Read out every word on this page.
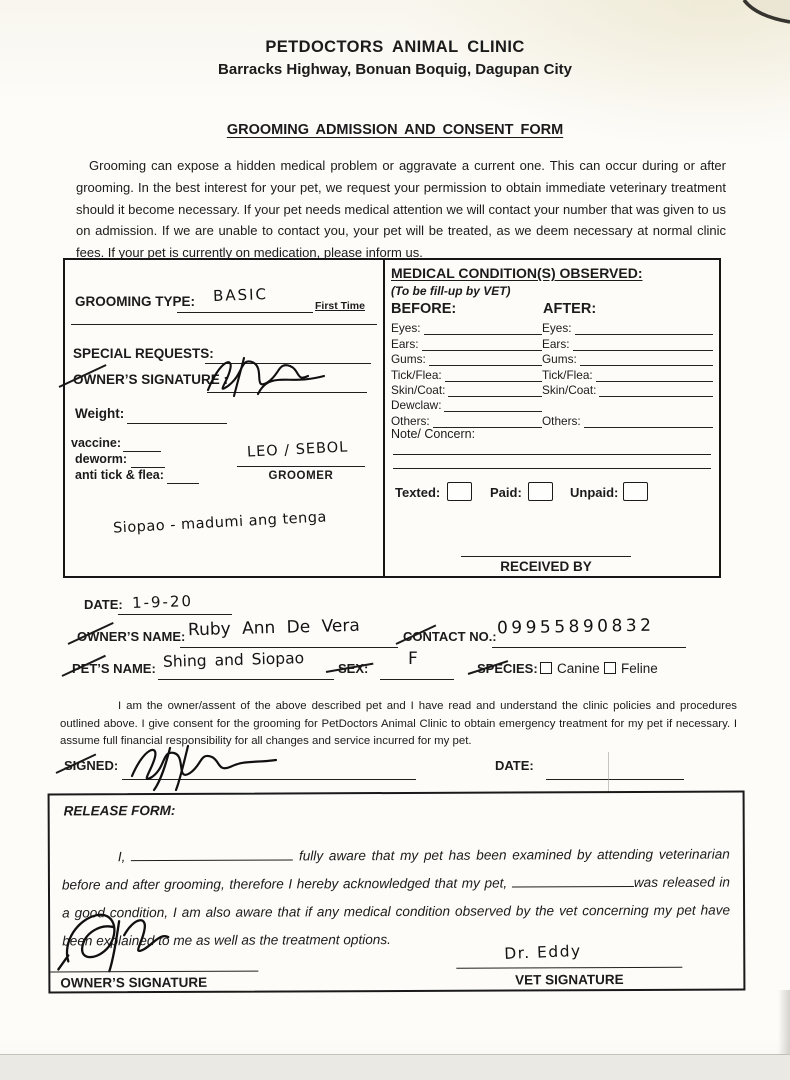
PETDOCTORS ANIMAL CLINIC
Barracks Highway, Bonuan Boquig, Dagupan City
GROOMING ADMISSION AND CONSENT FORM
Grooming can expose a hidden medical problem or aggravate a current one. This can occur during or after grooming. In the best interest for your pet, we request your permission to obtain immediate veterinary treatment should it become necessary. If your pet needs medical attention we will contact your number that was given to us on admission. If we are unable to contact you, your pet will be treated, as we deem necessary at normal clinic fees. If your pet is currently on medication, please inform us.
GROOMING TYPE: BASIC
First Time
SPECIAL REQUESTS:
OWNER’S SIGNATURE :
Weight:
vaccine:
deworm:
anti tick & flea:
LEO / SEBOL
GROOMER
Siopao - madumi ang tenga
MEDICAL CONDITION(S) OBSERVED:
(To be fill-up by VET)
BEFORE:	AFTER:
Eyes:	Eyes:
Ears:	Ears:
Gums:	Gums:
Tick/Flea:	Tick/Flea:
Skin/Coat:	Skin/Coat:
Dewclaw:
Others:	Others:
Note/ Concern:
Texted:	Paid:	Unpaid:
RECEIVED BY
DATE: 1-9-20
OWNER’S NAME: Ruby Ann De Vera	CONTACT NO.: 09955890832
PET’S NAME: Shing and Siopao	SEX: F	SPECIES:	Canine	Feline
I am the owner/assent of the above described pet and I have read and understand the clinic policies and procedures outlined above. I give consent for the grooming for PetDoctors Animal Clinic to obtain emergency treatment for my pet if necessary. I assume full financial responsibility for all changes and service incurred for my pet.
SIGNED:	DATE:
RELEASE FORM:

I,	fully aware that my pet has been examined by attending veterinarian before and after grooming, therefore I hereby acknowledged that my pet,	was released in a good condition, I am also aware that if any medical condition observed by the vet concerning my pet have been explained to me as well as the treatment options.

OWNER’S SIGNATURE
Dr. Eddy
VET SIGNATURE
